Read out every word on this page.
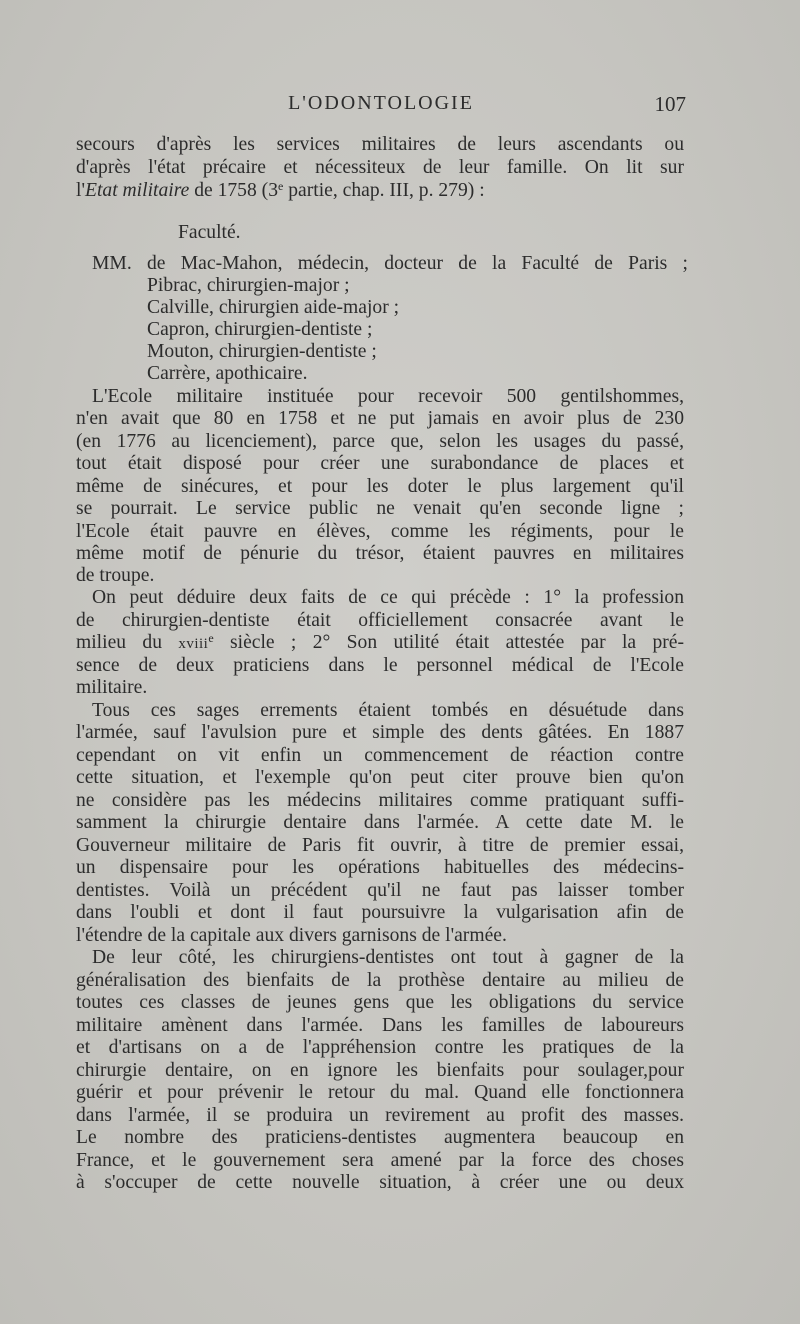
L'ODONTOLOGIE	107
secours d'après les services militaires de leurs ascendants ou
d'après l'état précaire et nécessiteux de leur famille. On lit sur
l'Etat militaire de 1758 (3e partie, chap. III, p. 279) :
Faculté.
MM. de Mac-Mahon, médecin, docteur de la Faculté de Paris ;
Pibrac, chirurgien-major ;
Calville, chirurgien aide-major ;
Capron, chirurgien-dentiste ;
Mouton, chirurgien-dentiste ;
Carrère, apothicaire.
L'Ecole militaire instituée pour recevoir 500 gentilshommes,
n'en avait que 80 en 1758 et ne put jamais en avoir plus de 230
(en 1776 au licenciement), parce que, selon les usages du passé,
tout était disposé pour créer une surabondance de places et
même de sinécures, et pour les doter le plus largement qu'il
se pourrait. Le service public ne venait qu'en seconde ligne ;
l'Ecole était pauvre en élèves, comme les régiments, pour le
même motif de pénurie du trésor, étaient pauvres en militaires
de troupe.
On peut déduire deux faits de ce qui précède : 1° la profession
de chirurgien-dentiste était officiellement consacrée avant le
milieu du xviii$^e$ siècle ; 2° Son utilité était attestée par la pré-
sence de deux praticiens dans le personnel médical de l'Ecole
militaire.
Tous ces sages errements étaient tombés en désuétude dans
l'armée, sauf l'avulsion pure et simple des dents gâtées. En 1887
cependant on vit enfin un commencement de réaction contre
cette situation, et l'exemple qu'on peut citer prouve bien qu'on
ne considère pas les médecins militaires comme pratiquant suffi-
samment la chirurgie dentaire dans l'armée. A cette date M. le
Gouverneur militaire de Paris fit ouvrir, à titre de premier essai,
un dispensaire pour les opérations habituelles des médecins-
dentistes. Voilà un précédent qu'il ne faut pas laisser tomber
dans l'oubli et dont il faut poursuivre la vulgarisation afin de
l'étendre de la capitale aux divers garnisons de l'armée.
De leur côté, les chirurgiens-dentistes ont tout à gagner de la
généralisation des bienfaits de la prothèse dentaire au milieu de
toutes ces classes de jeunes gens que les obligations du service
militaire amènent dans l'armée. Dans les familles de laboureurs
et d'artisans on a de l'appréhension contre les pratiques de la
chirurgie dentaire, on en ignore les bienfaits pour soulager,pour
guérir et pour prévenir le retour du mal. Quand elle fonctionnera
dans l'armée, il se produira un revirement au profit des masses.
Le nombre des praticiens-dentistes augmentera beaucoup en
France, et le gouvernement sera amené par la force des choses
à s'occuper de cette nouvelle situation, à créer une ou deux
